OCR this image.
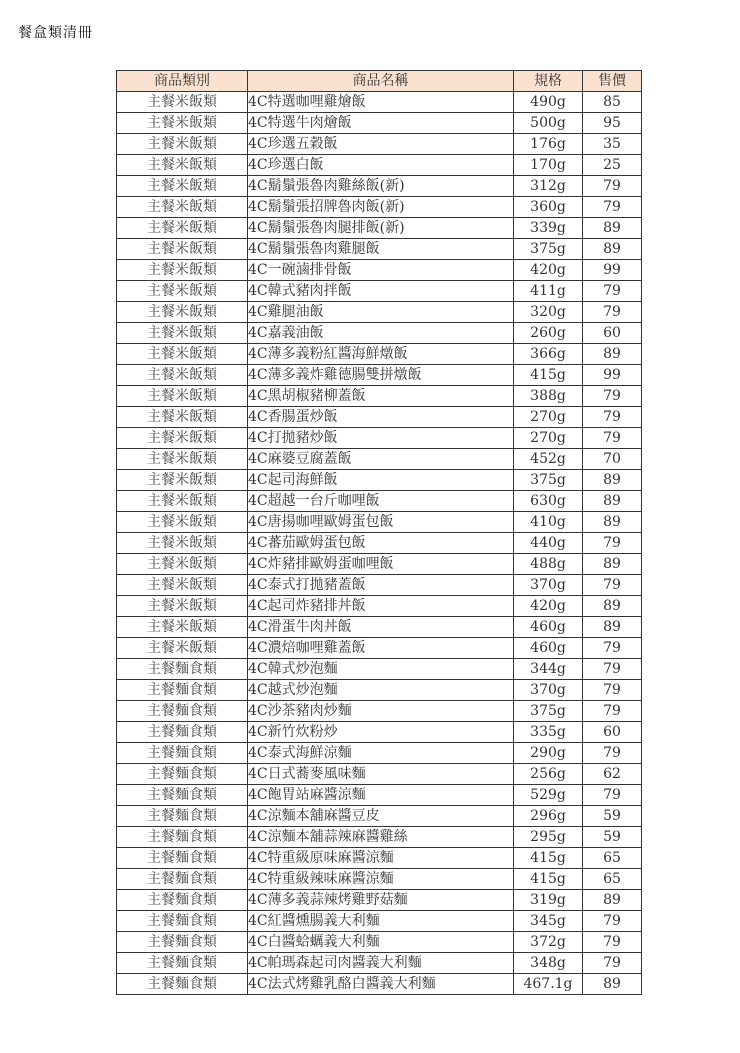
餐盒類清冊
商品類別	商品名稱	規格	售價
主餐米飯類	4C特選咖哩雞燴飯	490g	85
主餐米飯類	4C特選牛肉燴飯	500g	95
主餐米飯類	4C珍選五穀飯	176g	35
主餐米飯類	4C珍選白飯	170g	25
主餐米飯類	4C鬍鬚張魯肉雞絲飯(新)	312g	79
主餐米飯類	4C鬍鬚張招牌魯肉飯(新)	360g	79
主餐米飯類	4C鬍鬚張魯肉腿排飯(新)	339g	89
主餐米飯類	4C鬍鬚張魯肉雞腿飯	375g	89
主餐米飯類	4C一碗滷排骨飯	420g	99
主餐米飯類	4C韓式豬肉拌飯	411g	79
主餐米飯類	4C雞腿油飯	320g	79
主餐米飯類	4C嘉義油飯	260g	60
主餐米飯類	4C薄多義粉紅醬海鮮燉飯	366g	89
主餐米飯類	4C薄多義炸雞德腸雙拼燉飯	415g	99
主餐米飯類	4C黑胡椒豬柳蓋飯	388g	79
主餐米飯類	4C香腸蛋炒飯	270g	79
主餐米飯類	4C打拋豬炒飯	270g	79
主餐米飯類	4C麻婆豆腐蓋飯	452g	70
主餐米飯類	4C起司海鮮飯	375g	89
主餐米飯類	4C超越一台斤咖哩飯	630g	89
主餐米飯類	4C唐揚咖哩歐姆蛋包飯	410g	89
主餐米飯類	4C蕃茄歐姆蛋包飯	440g	79
主餐米飯類	4C炸豬排歐姆蛋咖哩飯	488g	89
主餐米飯類	4C泰式打拋豬蓋飯	370g	79
主餐米飯類	4C起司炸豬排丼飯	420g	89
主餐米飯類	4C滑蛋牛肉丼飯	460g	89
主餐米飯類	4C濃焙咖哩雞蓋飯	460g	79
主餐麵食類	4C韓式炒泡麵	344g	79
主餐麵食類	4C越式炒泡麵	370g	79
主餐麵食類	4C沙茶豬肉炒麵	375g	79
主餐麵食類	4C新竹炊粉炒	335g	60
主餐麵食類	4C泰式海鮮涼麵	290g	79
主餐麵食類	4C日式蕎麥風味麵	256g	62
主餐麵食類	4C飽胃站麻醬涼麵	529g	79
主餐麵食類	4C涼麵本舖麻醬豆皮	296g	59
主餐麵食類	4C涼麵本舖蒜辣麻醬雞絲	295g	59
主餐麵食類	4C特重級原味麻醬涼麵	415g	65
主餐麵食類	4C特重級辣味麻醬涼麵	415g	65
主餐麵食類	4C薄多義蒜辣烤雞野菇麵	319g	89
主餐麵食類	4C紅醬燻腸義大利麵	345g	79
主餐麵食類	4C白醬蛤蠣義大利麵	372g	79
主餐麵食類	4C帕瑪森起司肉醬義大利麵	348g	79
主餐麵食類	4C法式烤雞乳酪白醬義大利麵	467.1g	89
